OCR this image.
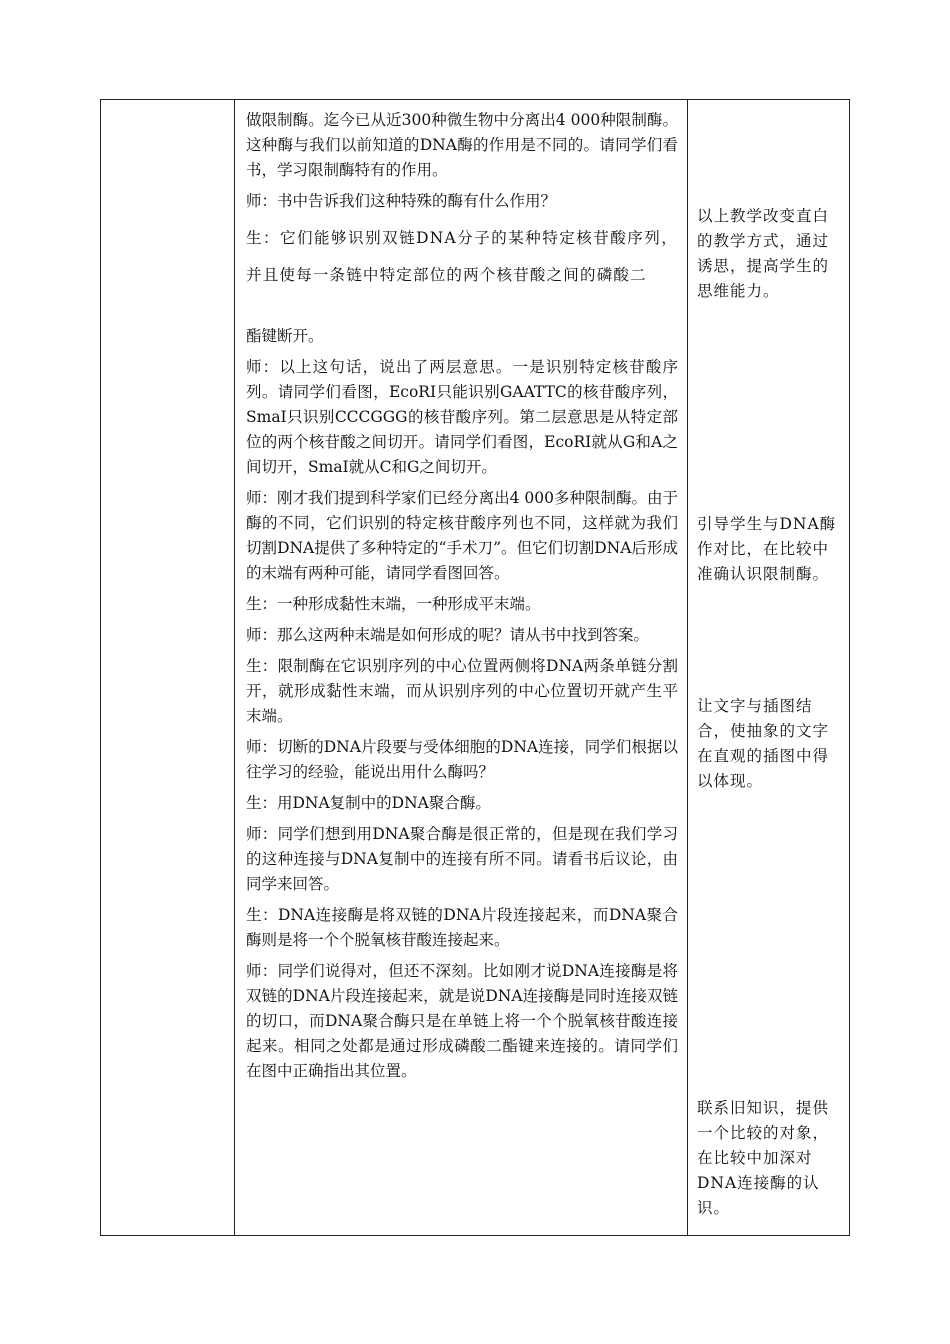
做限制酶。迄今已从近300种微生物中分离出4 000种限制酶。这种酶与我们以前知道的DNA酶的作用是不同的。请同学们看书，学习限制酶特有的作用。

师：书中告诉我们这种特殊的酶有什么作用？

生：它们能够识别双链DNA分子的某种特定核苷酸序列，并且使每一条链中特定部位的两个核苷酸之间的磷酸二

酯键断开。

师：以上这句话，说出了两层意思。一是识别特定核苷酸序列。请同学们看图，EcoRI只能识别GAATTC的核苷酸序列，SmaI只识别CCCGGG的核苷酸序列。第二层意思是从特定部位的两个核苷酸之间切开。请同学们看图，EcoRI就从G和A之间切开，SmaI就从C和G之间切开。

师：刚才我们提到科学家们已经分离出4 000多种限制酶。由于酶的不同，它们识别的特定核苷酸序列也不同，这样就为我们切割DNA提供了多种特定的“手术刀”。但它们切割DNA后形成的末端有两种可能，请同学看图回答。

生：一种形成黏性末端，一种形成平末端。

师：那么这两种末端是如何形成的呢？请从书中找到答案。

生：限制酶在它识别序列的中心位置两侧将DNA两条单链分割开，就形成黏性末端，而从识别序列的中心位置切开就产生平末端。

师：切断的DNA片段要与受体细胞的DNA连接，同学们根据以往学习的经验，能说出用什么酶吗？

生：用DNA复制中的DNA聚合酶。

师：同学们想到用DNA聚合酶是很正常的，但是现在我们学习的这种连接与DNA复制中的连接有所不同。请看书后议论，由同学来回答。

生：DNA连接酶是将双链的DNA片段连接起来，而DNA聚合酶则是将一个个脱氧核苷酸连接起来。

师：同学们说得对，但还不深刻。比如刚才说DNA连接酶是将双链的DNA片段连接起来，就是说DNA连接酶是同时连接双链的切口，而DNA聚合酶只是在单链上将一个个脱氧核苷酸连接起来。相同之处都是通过形成磷酸二酯键来连接的。请同学们在图中正确指出其位置。

以上教学改变直白的教学方式，通过诱思，提高学生的思维能力。

引导学生与DNA酶作对比，在比较中准确认识限制酶。

让文字与插图结合，使抽象的文字在直观的插图中得以体现。

联系旧知识，提供一个比较的对象，在比较中加深对DNA连接酶的认识。
